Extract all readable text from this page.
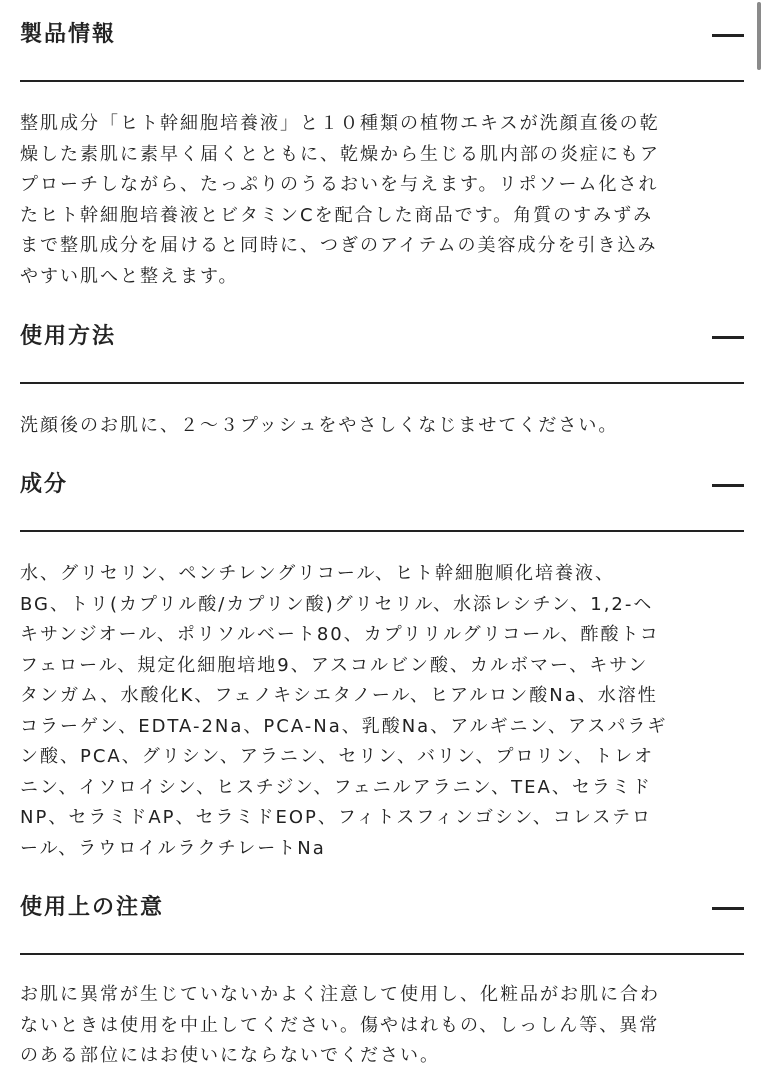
製品情報

整肌成分「ヒト幹細胞培養液」と１０種類の植物エキスが洗顔直後の乾
燥した素肌に素早く届くとともに、乾燥から生じる肌内部の炎症にもア
プローチしながら、たっぷりのうるおいを与えます。リポソーム化され
たヒト幹細胞培養液とビタミンCを配合した商品です。角質のすみずみ
まで整肌成分を届けると同時に、つぎのアイテムの美容成分を引き込み
やすい肌へと整えます。

使用方法

洗顔後のお肌に、２〜３プッシュをやさしくなじませてください。

成分

水、グリセリン、ペンチレングリコール、ヒト幹細胞順化培養液、
BG、トリ(カプリル酸/カプリン酸)グリセリル、水添レシチン、1,2-ヘ
キサンジオール、ポリソルベート80、カプリリルグリコール、酢酸トコ
フェロール、規定化細胞培地9、アスコルビン酸、カルボマー、キサン
タンガム、水酸化K、フェノキシエタノール、ヒアルロン酸Na、水溶性
コラーゲン、EDTA-2Na、PCA-Na、乳酸Na、アルギニン、アスパラギ
ン酸、PCA、グリシン、アラニン、セリン、バリン、プロリン、トレオ
ニン、イソロイシン、ヒスチジン、フェニルアラニン、TEA、セラミド
NP、セラミドAP、セラミドEOP、フィトスフィンゴシン、コレステロ
ール、ラウロイルラクチレートNa

使用上の注意

お肌に異常が生じていないかよく注意して使用し、化粧品がお肌に合わ
ないときは使用を中止してください。傷やはれもの、しっしん等、異常
のある部位にはお使いにならないでください。
